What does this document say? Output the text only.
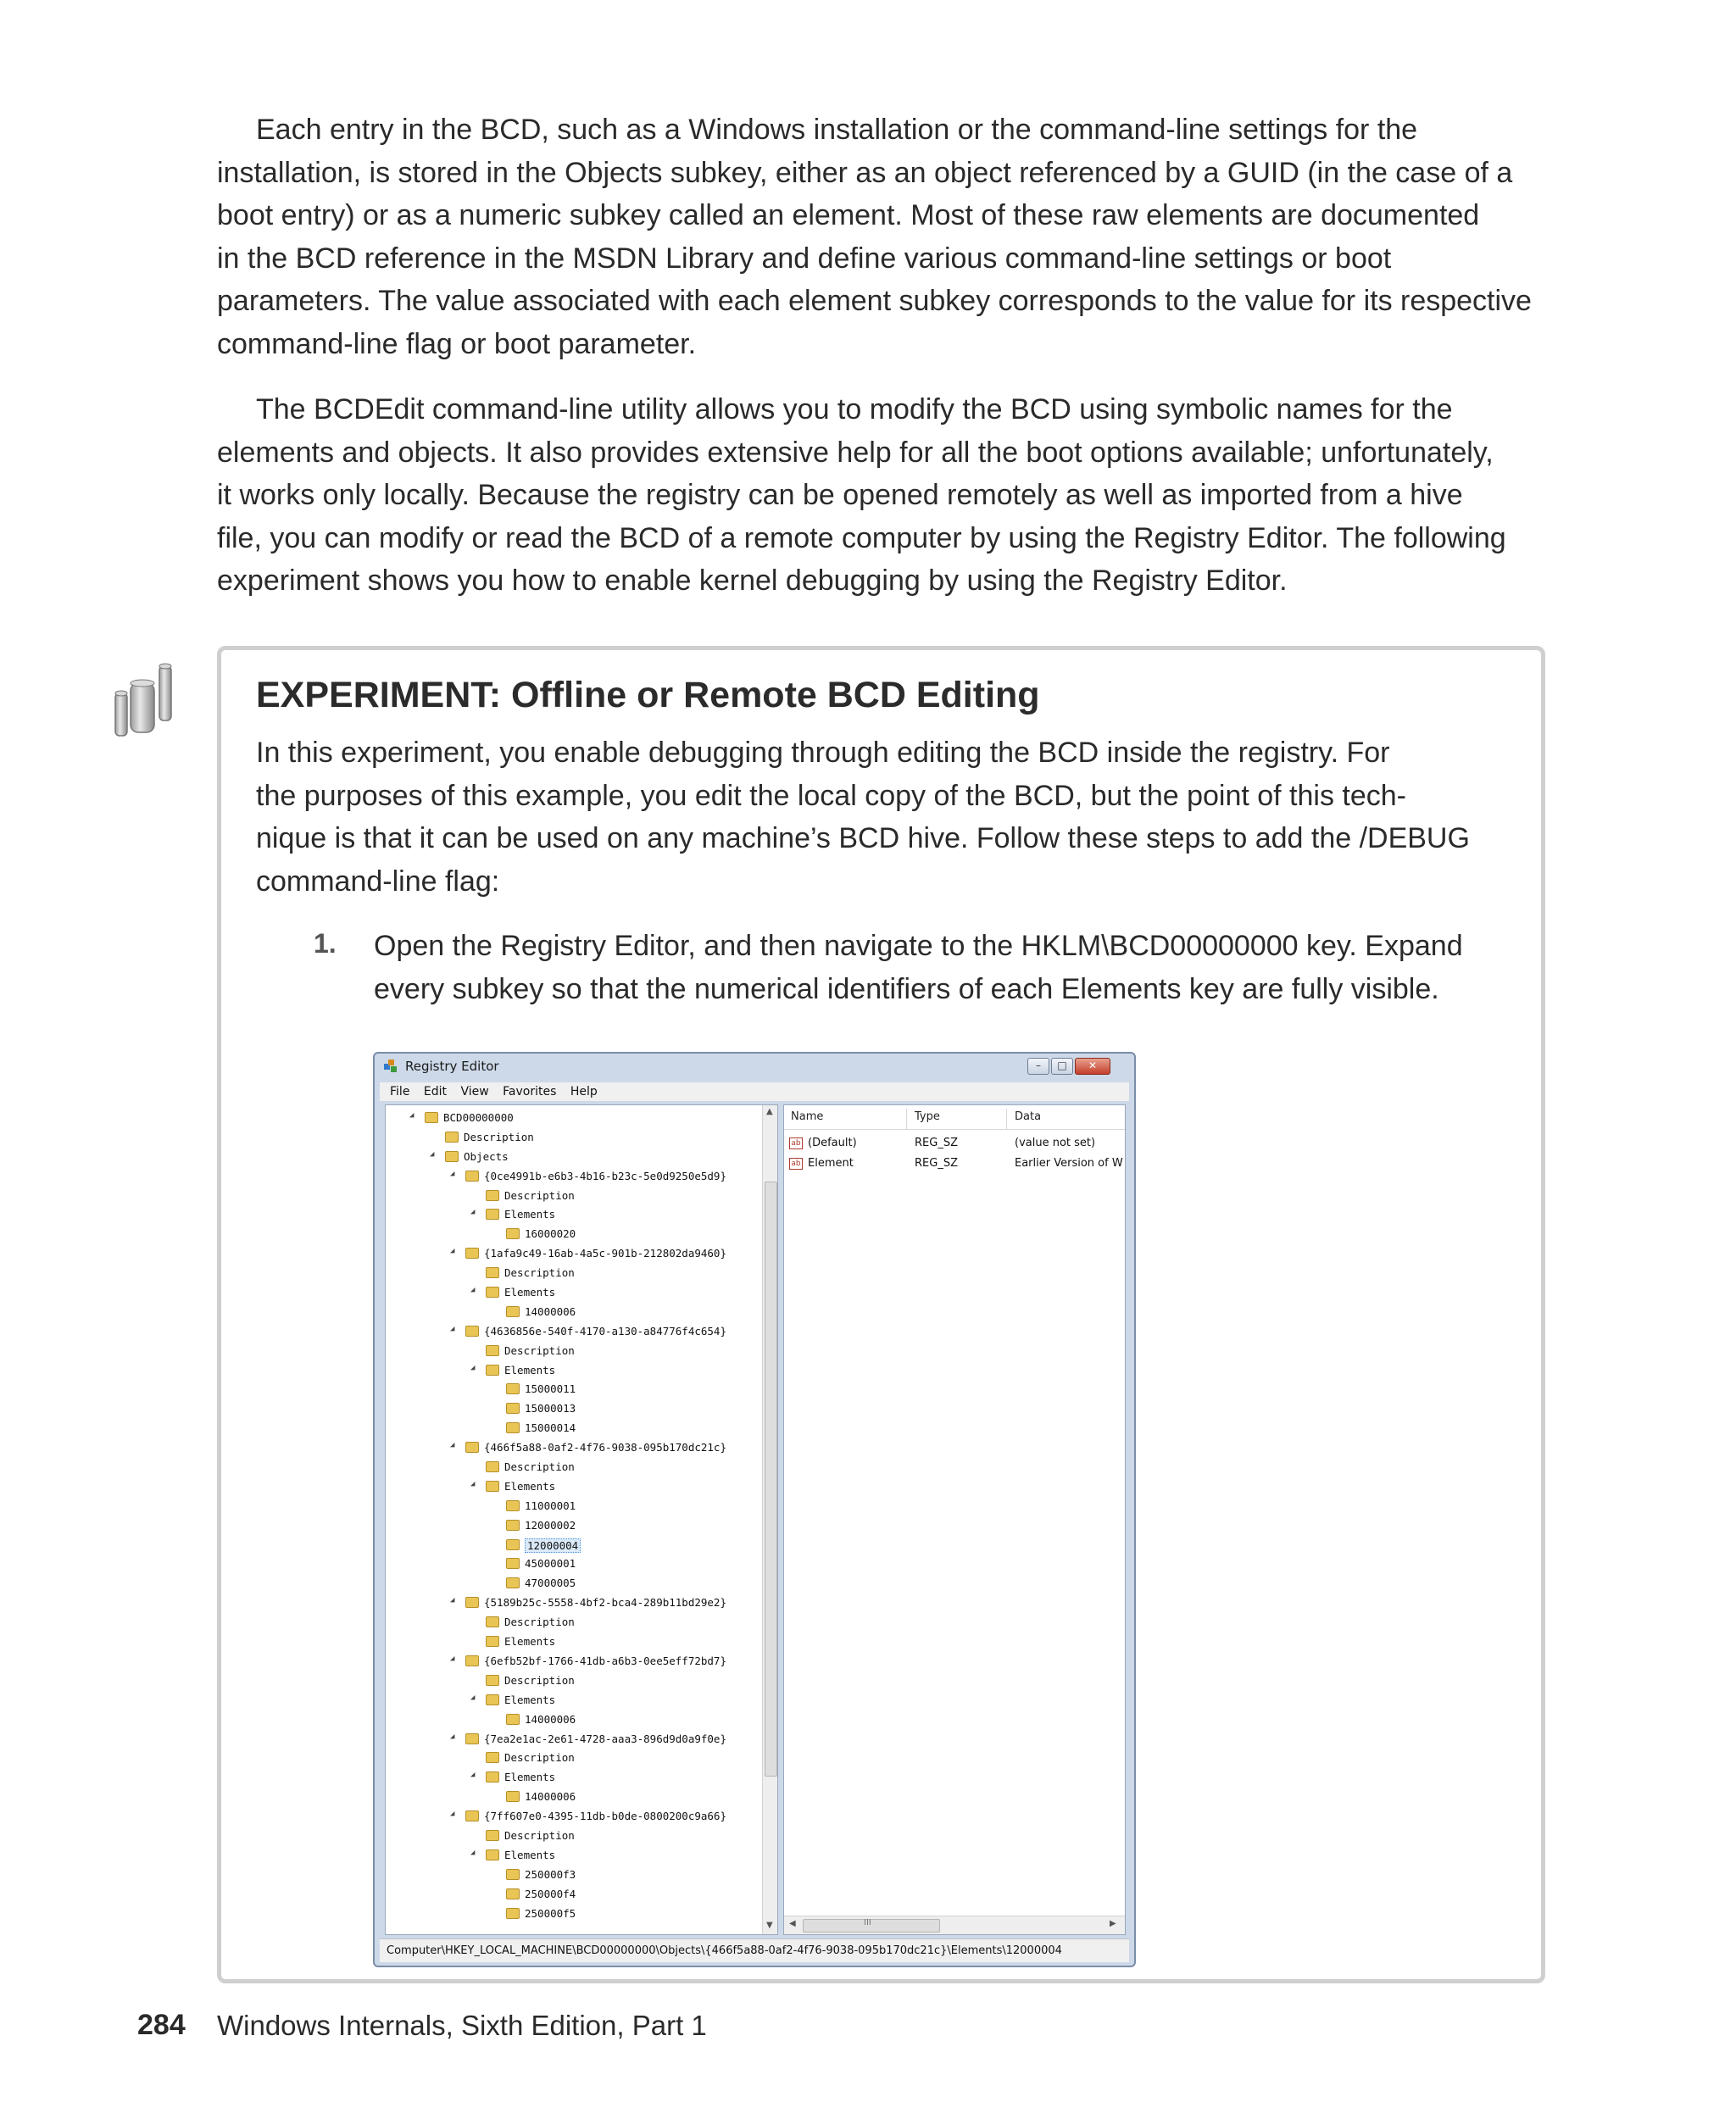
Each entry in the BCD, such as a Windows installation or the command-line settings for the
installation, is stored in the Objects subkey, either as an object referenced by a GUID (in the case of a
boot entry) or as a numeric subkey called an element. Most of these raw elements are documented
in the BCD reference in the MSDN Library and define various command-line settings or boot
parameters. The value associated with each element subkey corresponds to the value for its respective
command-line flag or boot parameter.

The BCDEdit command-line utility allows you to modify the BCD using symbolic names for the
elements and objects. It also provides extensive help for all the boot options available; unfortunately,
it works only locally. Because the registry can be opened remotely as well as imported from a hive
file, you can modify or read the BCD of a remote computer by using the Registry Editor. The following
experiment shows you how to enable kernel debugging by using the Registry Editor.

EXPERIMENT: Offline or Remote BCD Editing

In this experiment, you enable debugging through editing the BCD inside the registry. For
the purposes of this example, you edit the local copy of the BCD, but the point of this tech-
nique is that it can be used on any machine’s BCD hive. Follow these steps to add the /DEBUG
command-line flag:

1. Open the Registry Editor, and then navigate to the HKLM\BCD00000000 key. Expand
every subkey so that the numerical identifiers of each Elements key are fully visible.
Registry Editor	–	□	✕
File Edit View Favorites Help
◢	BCD00000000
Description
◢	Objects
◢	{0ce4991b-e6b3-4b16-b23c-5e0d9250e5d9}
Description
◢	Elements
16000020
◢	{1afa9c49-16ab-4a5c-901b-212802da9460}
Description
◢	Elements
14000006
◢	{4636856e-540f-4170-a130-a84776f4c654}
Description
◢	Elements
15000011
15000013
15000014
◢	{466f5a88-0af2-4f76-9038-095b170dc21c}
Description
◢	Elements
11000001
12000002
12000004
45000001
47000005
◢	{5189b25c-5558-4bf2-bca4-289b11bd29e2}
Description
Elements
◢	{6efb52bf-1766-41db-a6b3-0ee5eff72bd7}
Description
◢	Elements
14000006
◢	{7ea2e1ac-2e61-4728-aaa3-896d9d0a9f0e}
Description
◢	Elements
14000006
◢	{7ff607e0-4395-11db-b0de-0800200c9a66}
Description
◢	Elements
250000f3
250000f4
250000f5
▲
▼
Name	Type	Data
ab (Default)	REG_SZ	(value not set)
ab Element	REG_SZ	Earlier Version of W
◀	III	▶
Computer\HKEY_LOCAL_MACHINE\BCD00000000\Objects\{466f5a88-0af2-4f76-9038-095b170dc21c}\Elements\12000004
284 Windows Internals, Sixth Edition, Part 1
